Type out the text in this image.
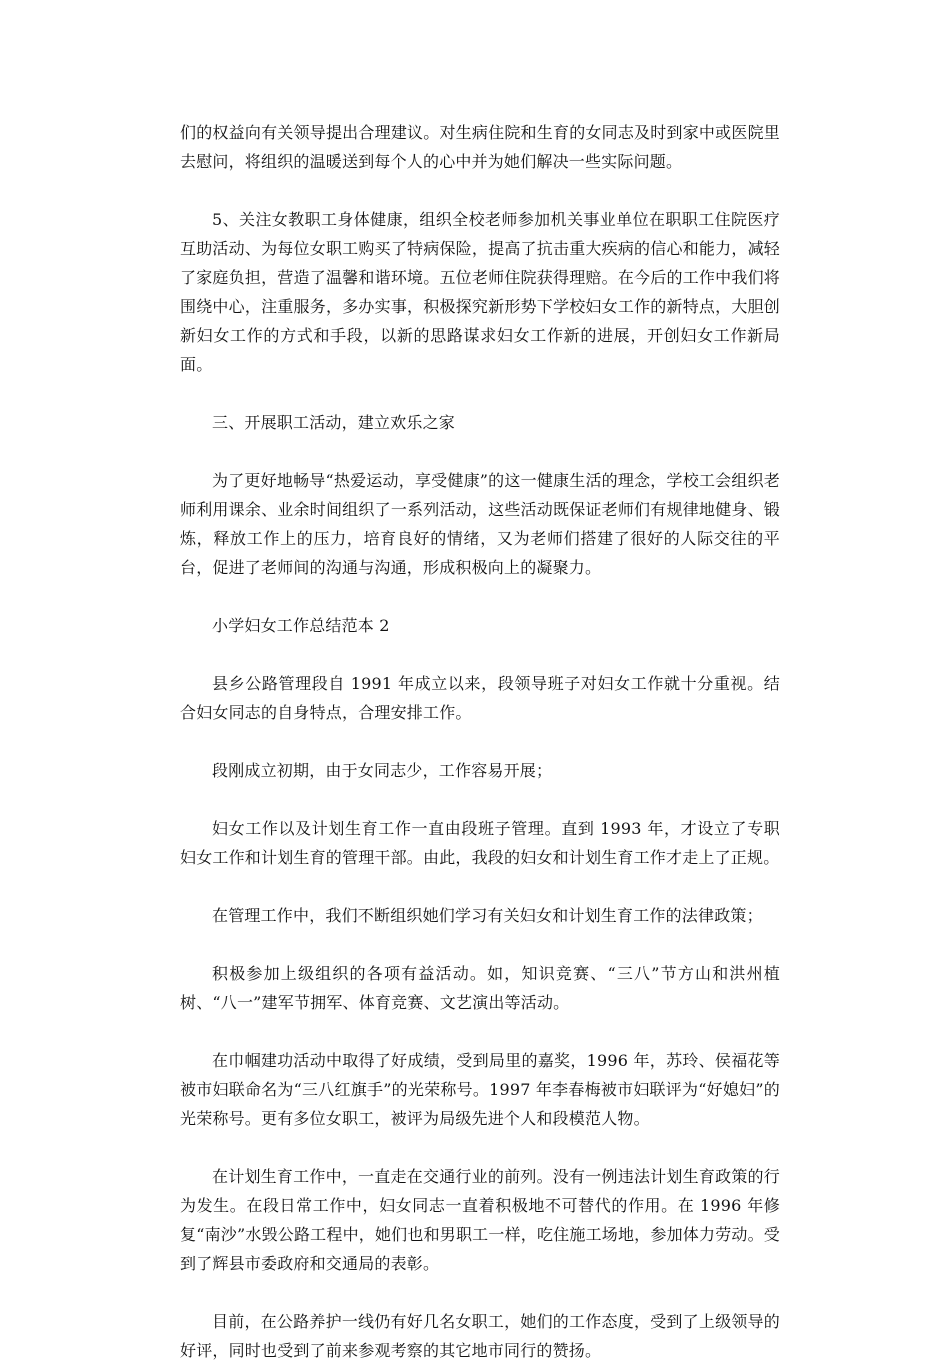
们的权益向有关领导提出合理建议。对生病住院和生育的女同志及时到家中或医院里去慰问，将组织的温暖送到每个人的心中并为她们解决一些实际问题。

5、关注女教职工身体健康，组织全校老师参加机关事业单位在职职工住院医疗互助活动、为每位女职工购买了特病保险，提高了抗击重大疾病的信心和能力，减轻了家庭负担，营造了温馨和谐环境。五位老师住院获得理赔。在今后的工作中我们将围绕中心，注重服务，多办实事，积极探究新形势下学校妇女工作的新特点，大胆创新妇女工作的方式和手段，以新的思路谋求妇女工作新的进展，开创妇女工作新局面。

三、开展职工活动，建立欢乐之家

为了更好地畅导“热爱运动，享受健康”的这一健康生活的理念，学校工会组织老师利用课余、业余时间组织了一系列活动，这些活动既保证老师们有规律地健身、锻炼，释放工作上的压力，培育良好的情绪，又为老师们搭建了很好的人际交往的平台，促进了老师间的沟通与沟通，形成积极向上的凝聚力。

小学妇女工作总结范本 2

县乡公路管理段自 1991 年成立以来，段领导班子对妇女工作就十分重视。结合妇女同志的自身特点，合理安排工作。

段刚成立初期，由于女同志少，工作容易开展；

妇女工作以及计划生育工作一直由段班子管理。直到 1993 年，才设立了专职妇女工作和计划生育的管理干部。由此，我段的妇女和计划生育工作才走上了正规。

在管理工作中，我们不断组织她们学习有关妇女和计划生育工作的法律政策；

积极参加上级组织的各项有益活动。如，知识竞赛、“三八”节方山和洪州植树、“八一”建军节拥军、体育竞赛、文艺演出等活动。

在巾帼建功活动中取得了好成绩，受到局里的嘉奖，1996 年，苏玲、侯福花等被市妇联命名为“三八红旗手”的光荣称号。1997 年李春梅被市妇联评为“好媳妇”的光荣称号。更有多位女职工，被评为局级先进个人和段模范人物。

在计划生育工作中，一直走在交通行业的前列。没有一例违法计划生育政策的行为发生。在段日常工作中，妇女同志一直着积极地不可替代的作用。在 1996 年修复“南沙”水毁公路工程中，她们也和男职工一样，吃住施工场地，参加体力劳动。受到了辉县市委政府和交通局的表彰。

目前，在公路养护一线仍有好几名女职工，她们的工作态度，受到了上级领导的好评，同时也受到了前来参观考察的其它地市同行的赞扬。
